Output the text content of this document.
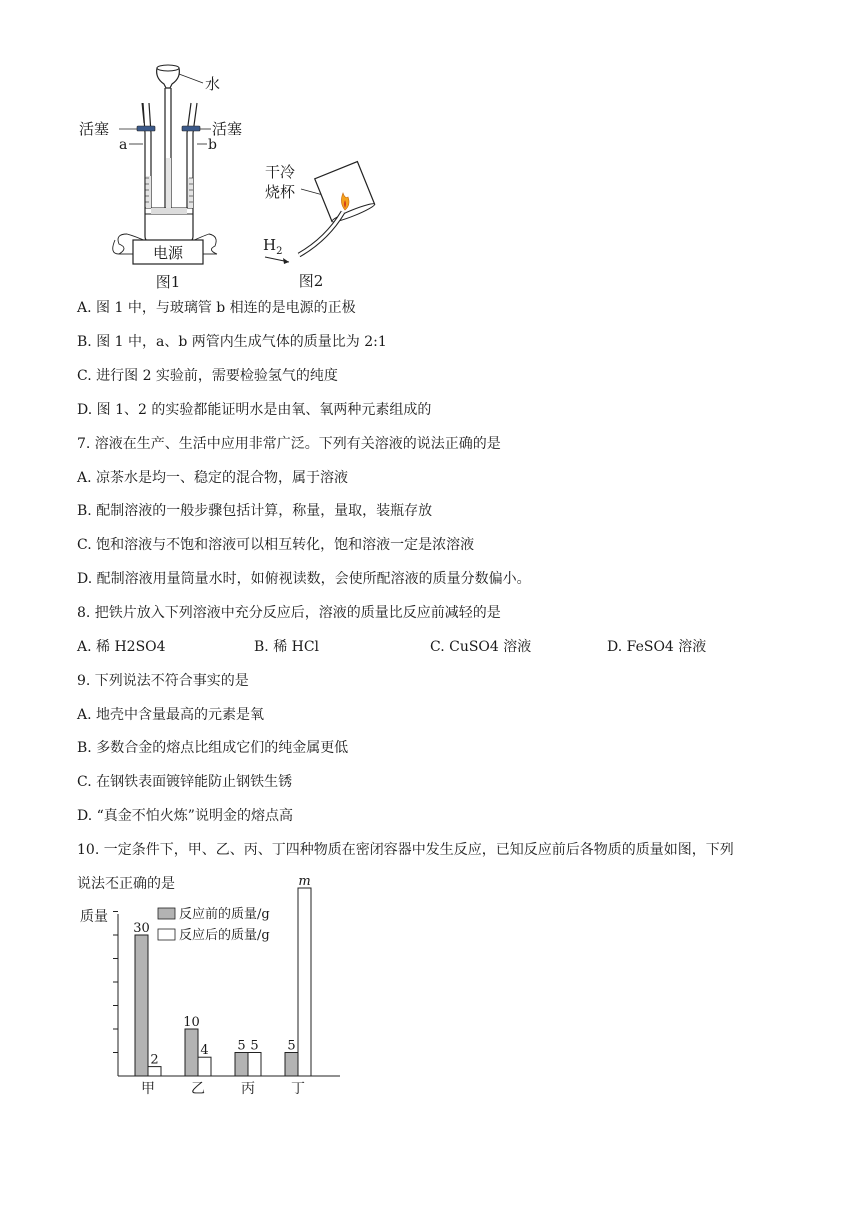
水
活塞	活塞
a	b
电源
图1
干冷
烧杯
$H_2$
图2
A. 图 1 中，与玻璃管 b 相连的是电源的正极
B. 图 1 中，a、b 两管内生成气体的质量比为 2:1
C. 进行图 2 实验前，需要检验氢气的纯度
D. 图 1、2 的实验都能证明水是由氧、氧两种元素组成的
7. 溶液在生产、生活中应用非常广泛。下列有关溶液的说法正确的是
A. 凉茶水是均一、稳定的混合物，属于溶液
B. 配制溶液的一般步骤包括计算，称量，量取，装瓶存放
C. 饱和溶液与不饱和溶液可以相互转化，饱和溶液一定是浓溶液
D. 配制溶液用量筒量水时，如俯视读数，会使所配溶液的质量分数偏小。
8. 把铁片放入下列溶液中充分反应后，溶液的质量比反应前减轻的是
A. 稀 H2SO4	B. 稀 HCl	C. CuSO4 溶液	D. FeSO4 溶液
9. 下列说法不符合事实的是
A. 地壳中含量最高的元素是氧
B. 多数合金的熔点比组成它们的纯金属更低
C. 在钢铁表面镀锌能防止钢铁生锈
D. “真金不怕火炼”说明金的熔点高
10. 一定条件下，甲、乙、丙、丁四种物质在密闭容器中发生反应，已知反应前后各物质的质量如图，下列
说法不正确的是
质量	反应前的质量/g
反应后的质量/g
30
2
甲
10
4
乙
5 5
丙
5
m
丁
